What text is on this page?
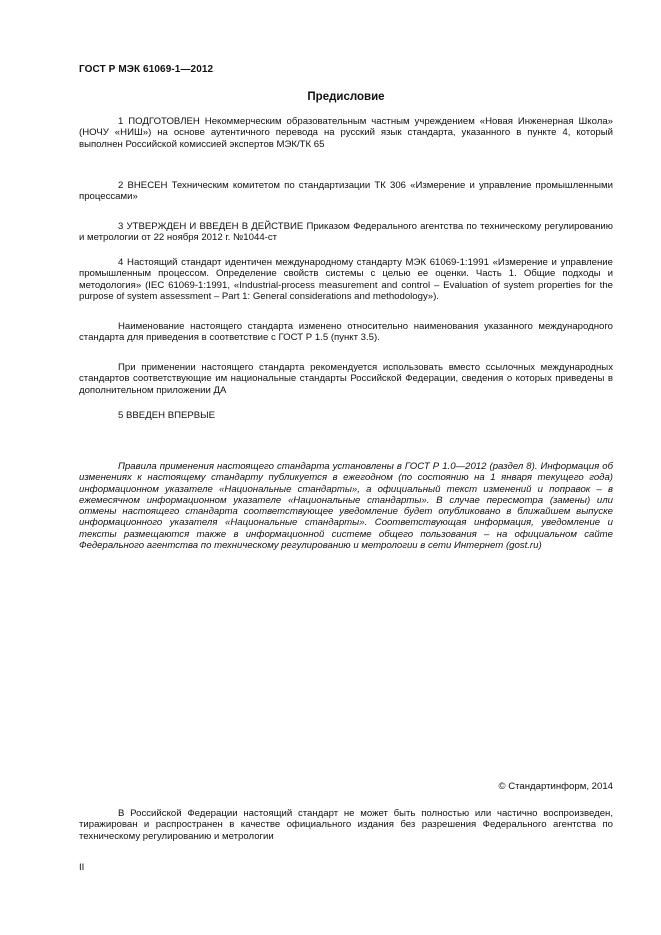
ГОСТ Р МЭК 61069-1—2012
Предисловие

1 ПОДГОТОВЛЕН Некоммерческим образовательным частным учреждением «Новая Инженерная Школа» (НОЧУ «НИШ») на основе аутентичного перевода на русский язык стандарта, указанного в пункте 4, который выполнен Российской комиссией экспертов МЭК/ТК 65

2 ВНЕСЕН Техническим комитетом по стандартизации ТК 306 «Измерение и управление промышленными процессами»

3 УТВЕРЖДЕН И ВВЕДЕН В ДЕЙСТВИЕ Приказом Федерального агентства по техническому регулированию и метрологии от 22 ноября 2012 г. №1044-ст

4 Настоящий стандарт идентичен международному стандарту МЭК 61069-1:1991 «Измерение и управление промышленным процессом. Определение свойств системы с целью ее оценки. Часть 1. Общие подходы и методология» (IEC 61069-1:1991, «Industrial-process measurement and control – Evaluation of system properties for the purpose of system assessment – Part 1: General considerations and methodology»).

Наименование настоящего стандарта изменено относительно наименования указанного международного стандарта для приведения в соответствие с ГОСТ Р 1.5 (пункт 3.5).

При применении настоящего стандарта рекомендуется использовать вместо ссылочных международных стандартов соответствующие им национальные стандарты Российской Федерации, сведения о которых приведены в дополнительном приложении ДА

5 ВВЕДЕН ВПЕРВЫЕ

Правила применения настоящего стандарта установлены в ГОСТ Р 1.0—2012 (раздел 8). Информация об изменениях к настоящему стандарту публикуется в ежегодном (по состоянию на 1 января текущего года) информационном указателе «Национальные стандарты», а официальный текст изменений и поправок – в ежемесячном информационном указателе «Национальные стандарты». В случае пересмотра (замены) или отмены настоящего стандарта соответствующее уведомление будет опубликовано в ближайшем выпуске информационного указателя «Национальные стандарты». Соответствующая информация, уведомление и тексты размещаются также в информационной системе общего пользования – на официальном сайте Федерального агентства по техническому регулированию и метрологии в сети Интернет (gost.ru)

© Стандартинформ, 2014

В Российской Федерации настоящий стандарт не может быть полностью или частично воспроизведен, тиражирован и распространен в качестве официального издания без разрешения Федерального агентства по техническому регулированию и метрологии

II
